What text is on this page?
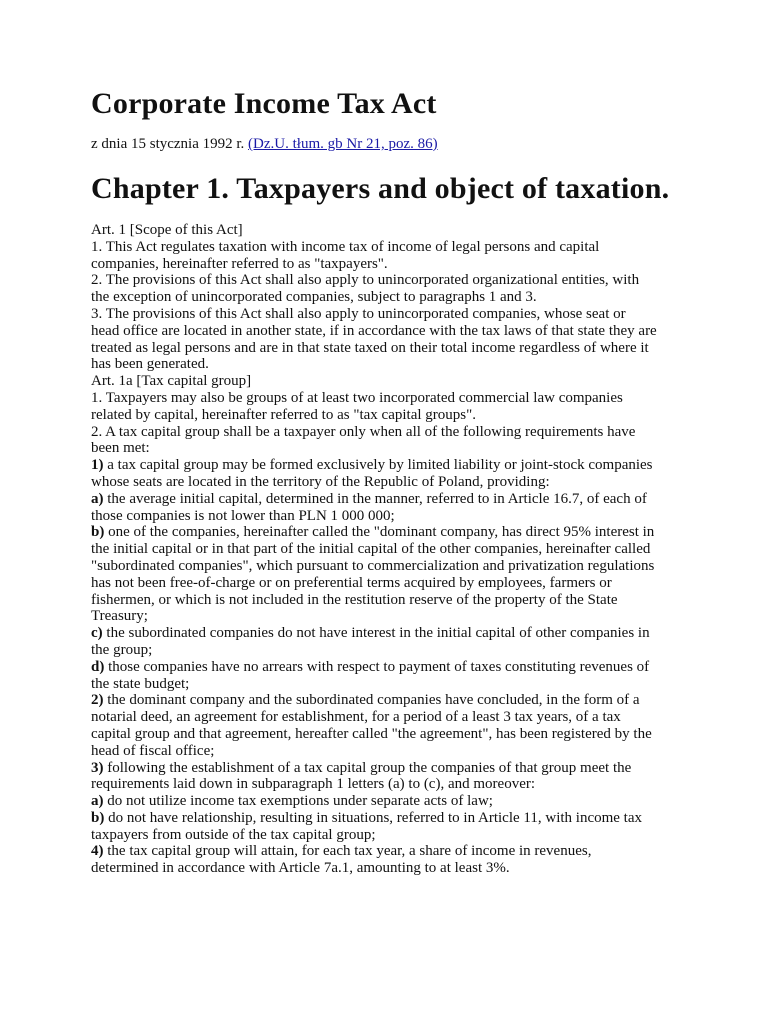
Corporate Income Tax Act
z dnia 15 stycznia 1992 r. (Dz.U. tłum. gb Nr 21, poz. 86)
Chapter 1. Taxpayers and object of taxation.
Art. 1 [Scope of this Act]
1. This Act regulates taxation with income tax of income of legal persons and capital
companies, hereinafter referred to as "taxpayers".
2. The provisions of this Act shall also apply to unincorporated organizational entities, with
the exception of unincorporated companies, subject to paragraphs 1 and 3.
3. The provisions of this Act shall also apply to unincorporated companies, whose seat or
head office are located in another state, if in accordance with the tax laws of that state they are
treated as legal persons and are in that state taxed on their total income regardless of where it
has been generated.
Art. 1a [Tax capital group]
1. Taxpayers may also be groups of at least two incorporated commercial law companies
related by capital, hereinafter referred to as "tax capital groups".
2. A tax capital group shall be a taxpayer only when all of the following requirements have
been met:
1) a tax capital group may be formed exclusively by limited liability or joint-stock companies
whose seats are located in the territory of the Republic of Poland, providing:
a) the average initial capital, determined in the manner, referred to in Article 16.7, of each of
those companies is not lower than PLN 1 000 000;
b) one of the companies, hereinafter called the "dominant company, has direct 95% interest in
the initial capital or in that part of the initial capital of the other companies, hereinafter called
"subordinated companies", which pursuant to commercialization and privatization regulations
has not been free-of-charge or on preferential terms acquired by employees, farmers or
fishermen, or which is not included in the restitution reserve of the property of the State
Treasury;
c) the subordinated companies do not have interest in the initial capital of other companies in
the group;
d) those companies have no arrears with respect to payment of taxes constituting revenues of
the state budget;
2) the dominant company and the subordinated companies have concluded, in the form of a
notarial deed, an agreement for establishment, for a period of a least 3 tax years, of a tax
capital group and that agreement, hereafter called "the agreement", has been registered by the
head of fiscal office;
3) following the establishment of a tax capital group the companies of that group meet the
requirements laid down in subparagraph 1 letters (a) to (c), and moreover:
a) do not utilize income tax exemptions under separate acts of law;
b) do not have relationship, resulting in situations, referred to in Article 11, with income tax
taxpayers from outside of the tax capital group;
4) the tax capital group will attain, for each tax year, a share of income in revenues,
determined in accordance with Article 7a.1, amounting to at least 3%.
